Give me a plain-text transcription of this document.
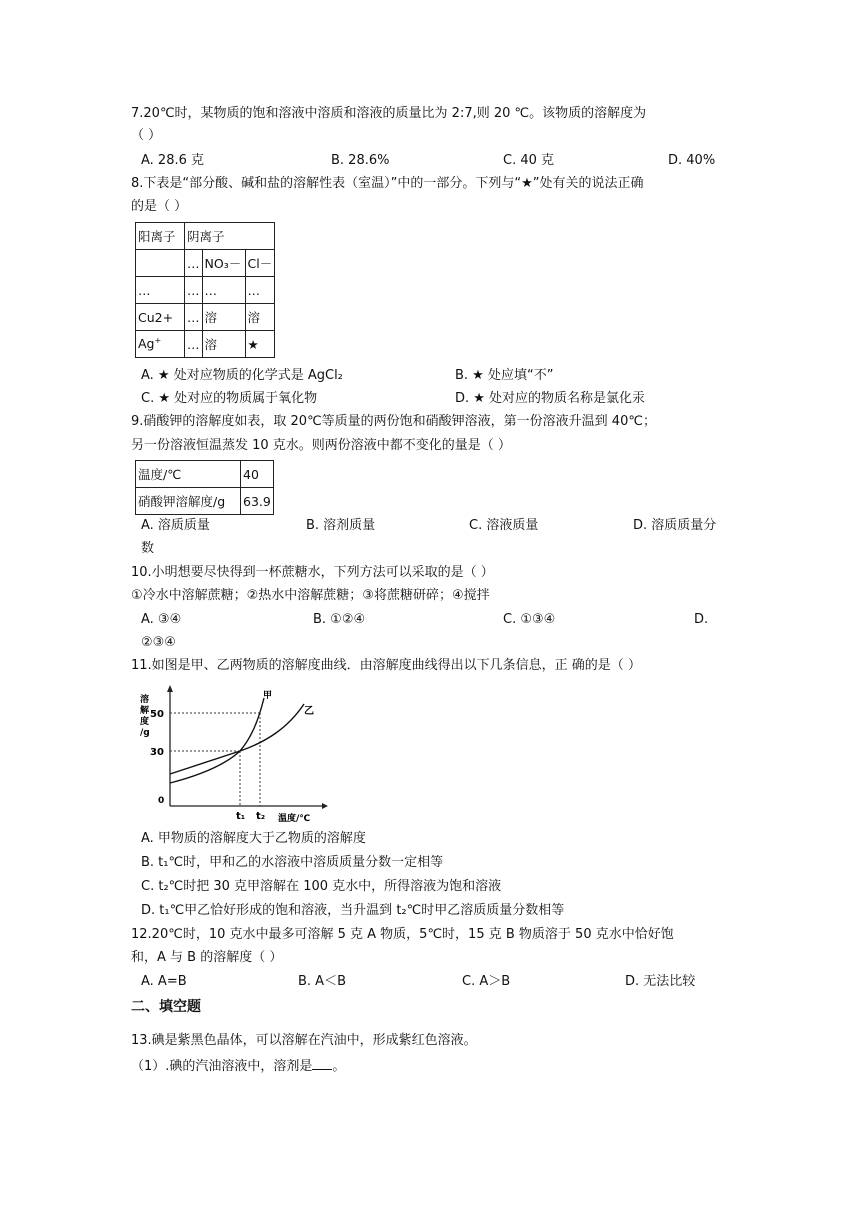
7.20℃时，某物质的饱和溶液中溶质和溶液的质量比为 2:7,则 20 ℃。该物质的溶解度为
（ ）
A. 28.6 克	B. 28.6%	C. 40 克	D. 40%
8.下表是“部分酸、碱和盐的溶解性表（室温）”中的一部分。下列与“★”处有关的说法正确
的是（ ）
阳离子	阴离子		
	…	NO₃－	Cl－
…	…	…	…
Cu2+	…	溶	溶
Ag+	…	溶	★
A. ★ 处对应物质的化学式是 AgCl₂	B. ★ 处应填“不”
C. ★ 处对应的物质属于氧化物	D. ★ 处对应的物质名称是氯化汞
9.硝酸钾的溶解度如表，取 20℃等质量的两份饱和硝酸钾溶液，第一份溶液升温到 40℃；
另一份溶液恒温蒸发 10 克水。则两份溶液中都不变化的量是（ ）
温度/℃	40
硝酸钾溶解度/g	63.9
A. 溶质质量	B. 溶剂质量	C. 溶液质量	D. 溶质质量分
数
10.小明想要尽快得到一杯蔗糖水，下列方法可以采取的是（ ）
①冷水中溶解蔗糖；②热水中溶解蔗糖；③将蔗糖研碎；④搅拌
A. ③④	B. ①②④	C. ①③④	D.
②③④
11.如图是甲、乙两物质的溶解度曲线．由溶解度曲线得出以下几条信息，正 确的是（ ）
溶
解
度
/g
50
30
0
t₁ t₂ 温度/℃
甲
乙
A. 甲物质的溶解度大于乙物质的溶解度
B. t₁℃时，甲和乙的水溶液中溶质质量分数一定相等
C. t₂℃时把 30 克甲溶解在 100 克水中，所得溶液为饱和溶液
D. t₁℃甲乙恰好形成的饱和溶液，当升温到 t₂℃时甲乙溶质质量分数相等
12.20℃时，10 克水中最多可溶解 5 克 A 物质，5℃时，15 克 B 物质溶于 50 克水中恰好饱
和，A 与 B 的溶解度（ ）
A. A=B	B. A＜B	C. A＞B	D. 无法比较
二、填空题
13.碘是紫黑色晶体，可以溶解在汽油中，形成紫红色溶液。
（1）.碘的汽油溶液中，溶剂是 。
